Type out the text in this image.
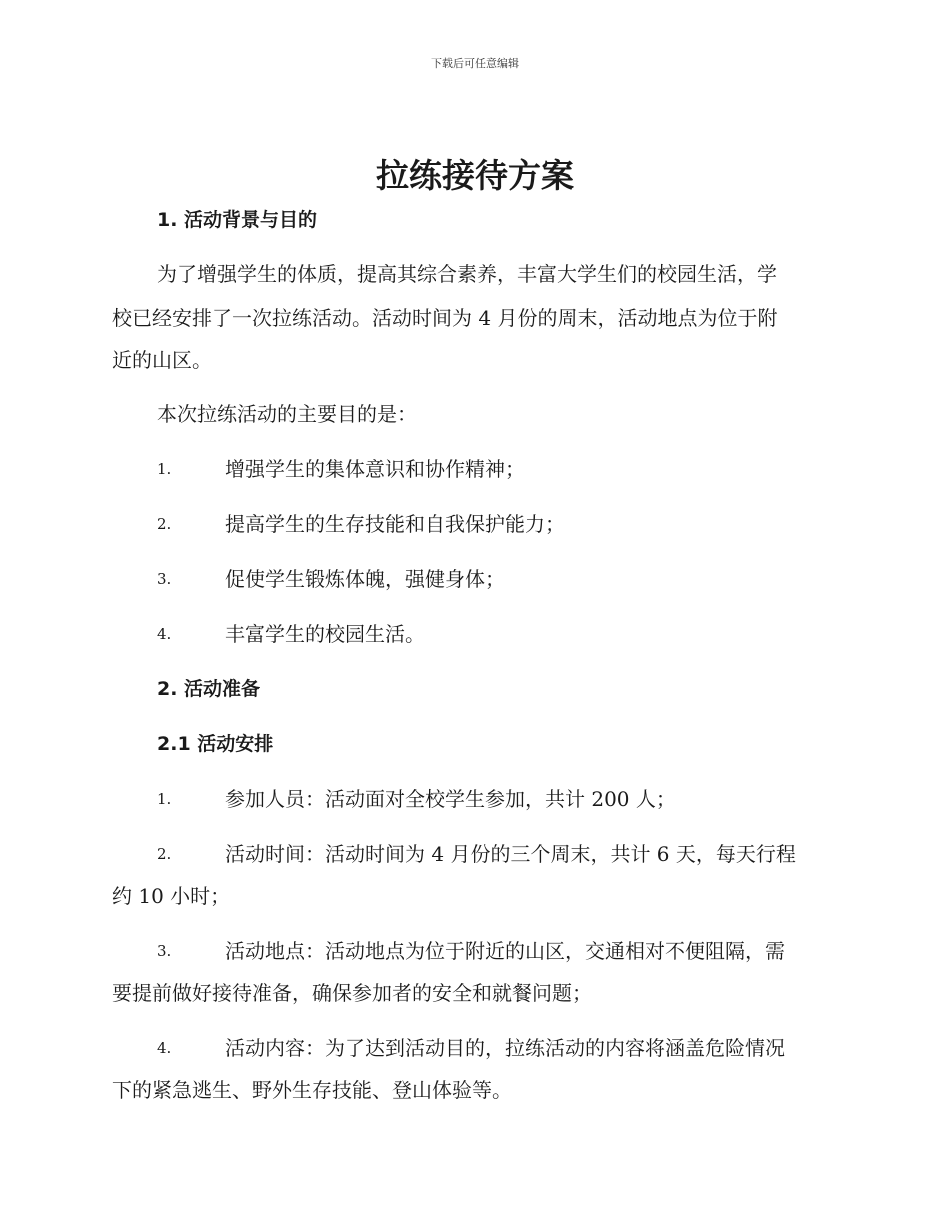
下载后可任意编辑
拉练接待方案
1. 活动背景与目的
为了增强学生的体质，提高其综合素养，丰富大学生们的校园生活，学
校已经安排了一次拉练活动。活动时间为 4 月份的周末，活动地点为位于附
近的山区。
本次拉练活动的主要目的是：
1.	增强学生的集体意识和协作精神；
2.	提高学生的生存技能和自我保护能力；
3.	促使学生锻炼体魄，强健身体；
4.	丰富学生的校园生活。
2. 活动准备
2.1 活动安排
1.	参加人员：活动面对全校学生参加，共计 200 人；
2.	活动时间：活动时间为 4 月份的三个周末，共计 6 天，每天行程
约 10 小时；
3.	活动地点：活动地点为位于附近的山区，交通相对不便阻隔，需
要提前做好接待准备，确保参加者的安全和就餐问题；
4.	活动内容：为了达到活动目的，拉练活动的内容将涵盖危险情况
下的紧急逃生、野外生存技能、登山体验等。
